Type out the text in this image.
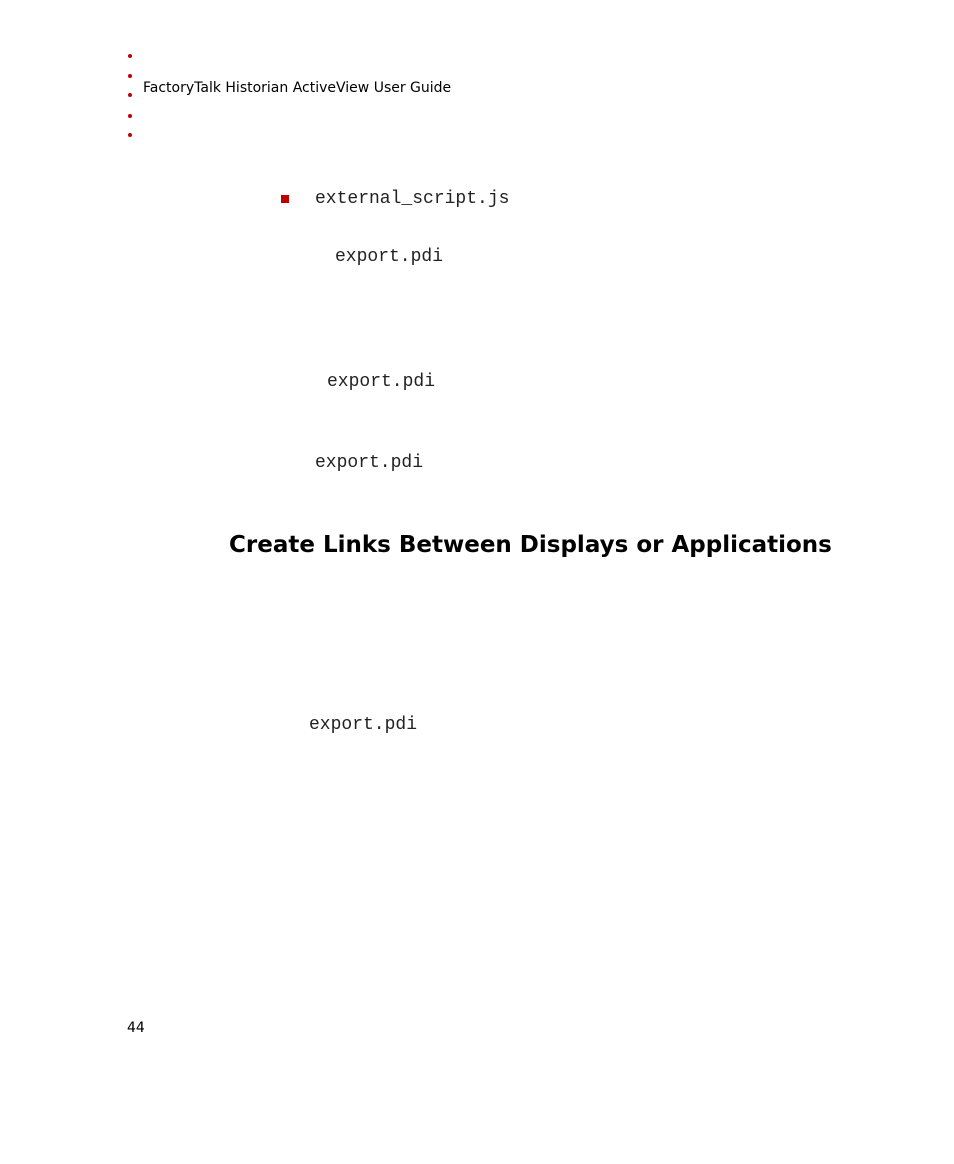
FactoryTalk Historian ActiveView User Guide
external_script.js
export.pdi
export.pdi
export.pdi
Create Links Between Displays or Applications
export.pdi
44
